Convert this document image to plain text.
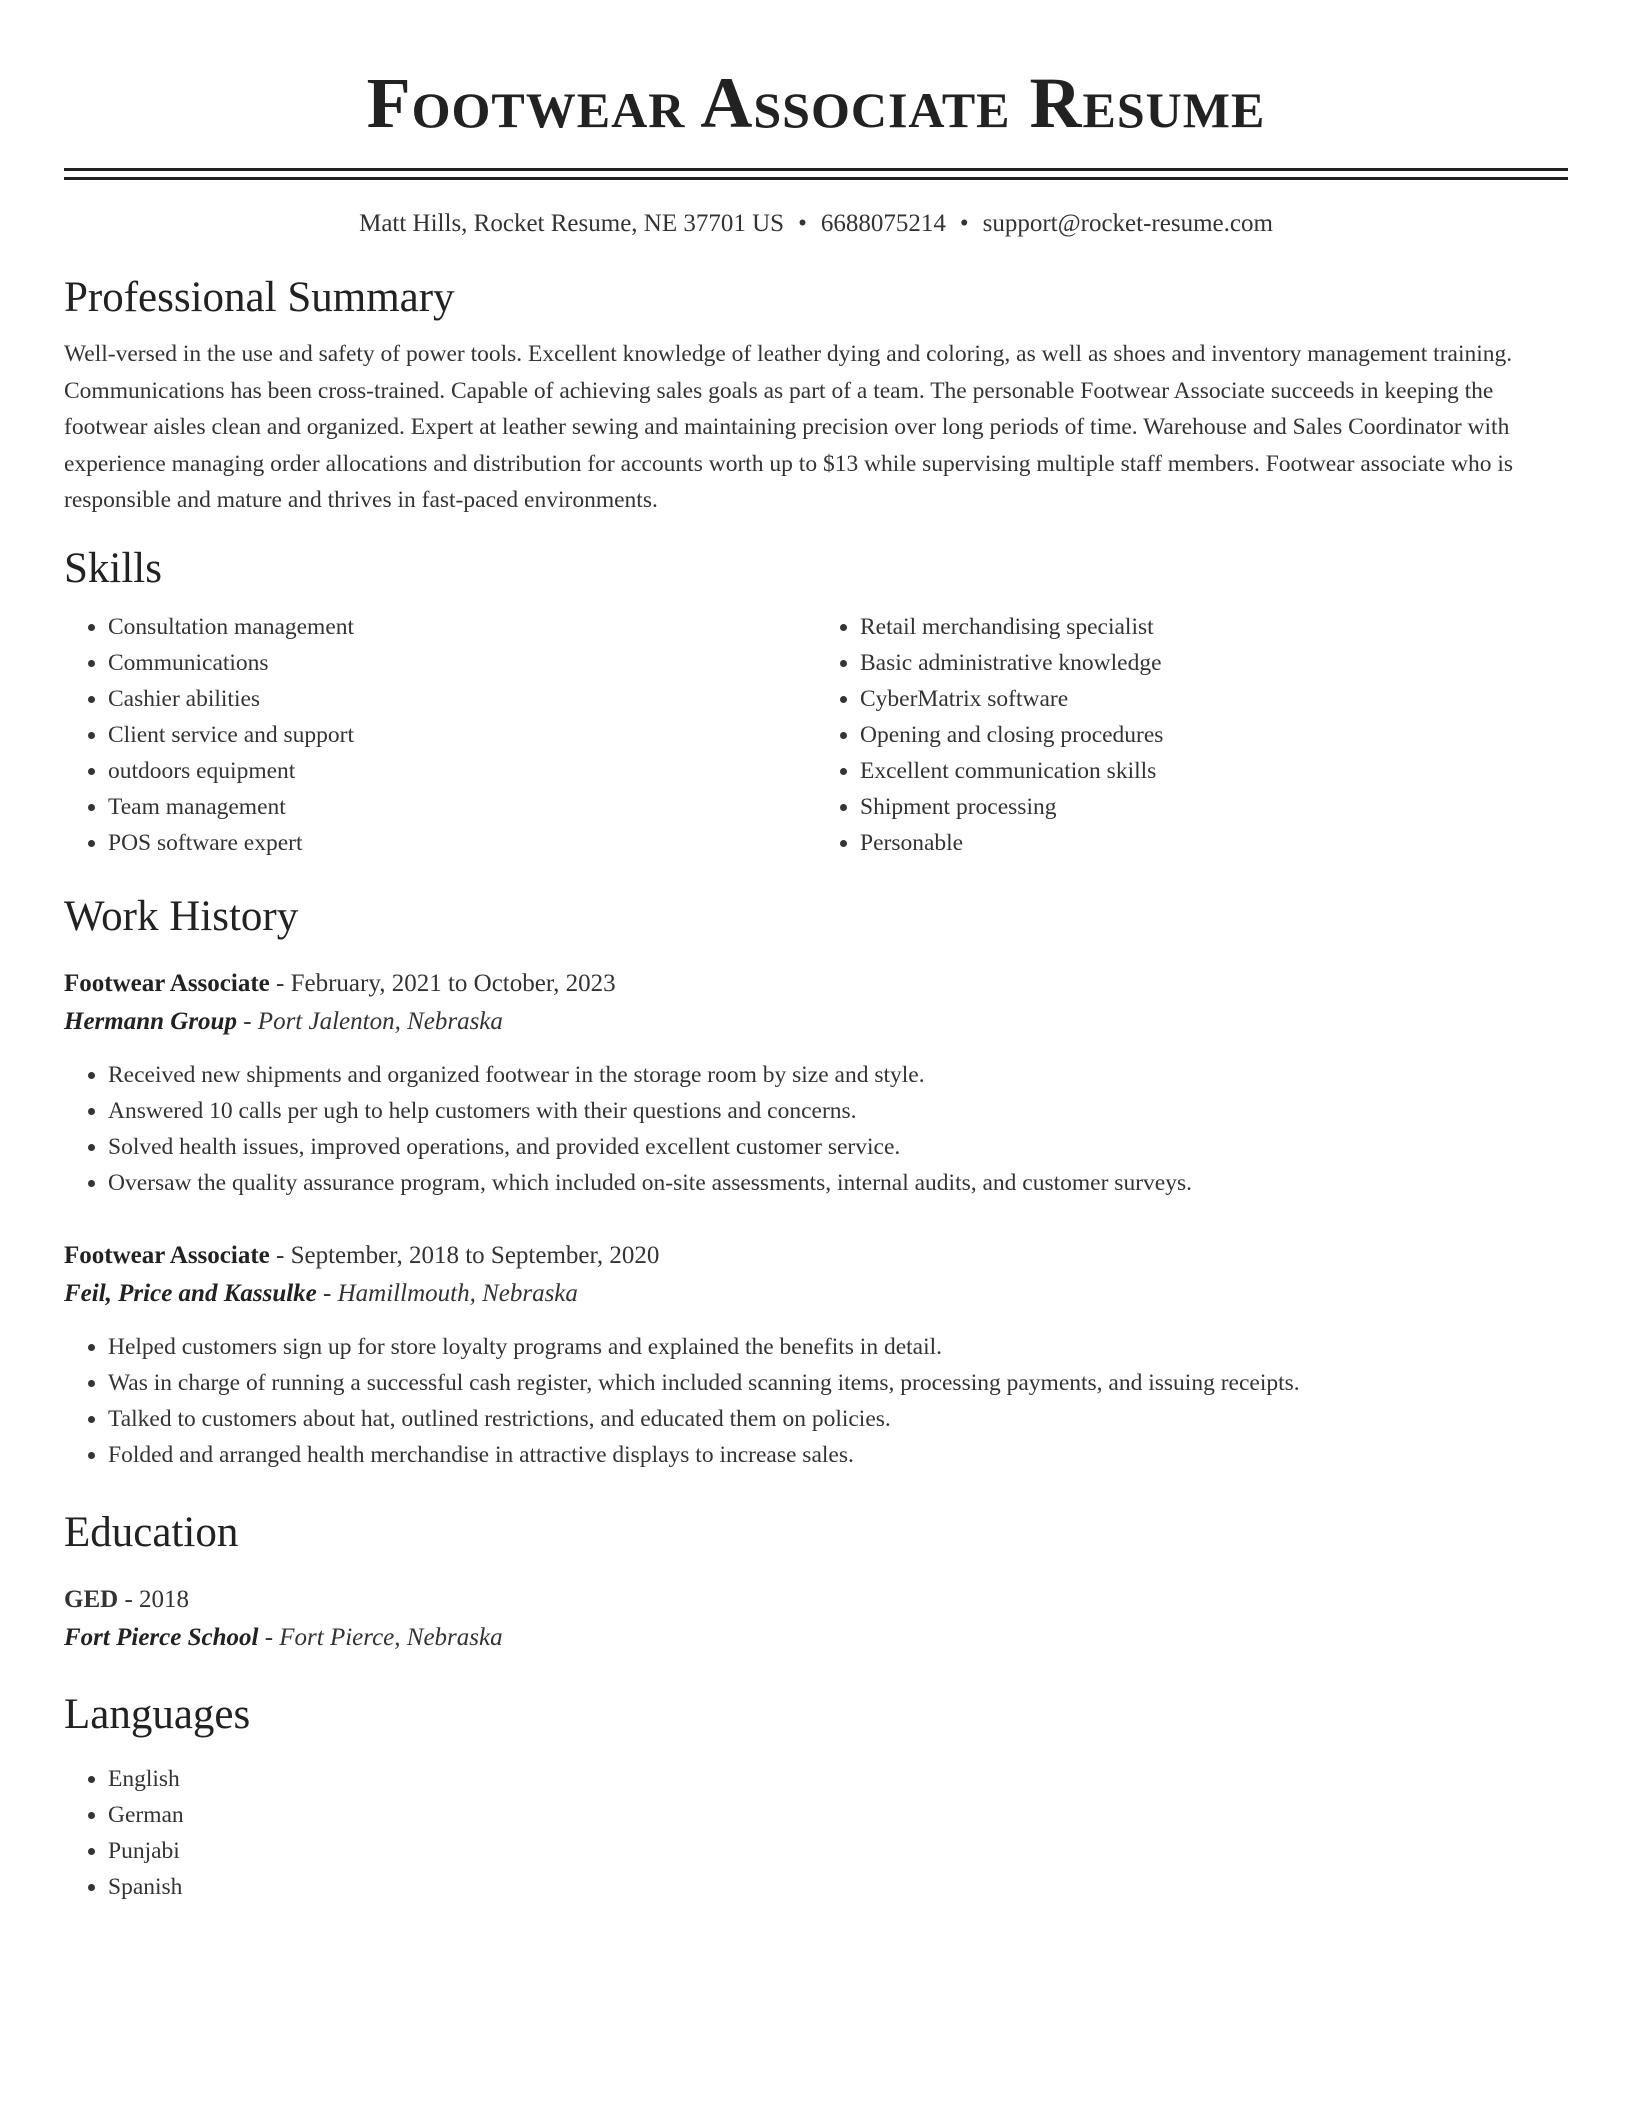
Footwear Associate Resume
Matt Hills, Rocket Resume, NE 37701 US • 6688075214 • support@rocket-resume.com
Professional Summary
Well-versed in the use and safety of power tools. Excellent knowledge of leather dying and coloring, as well as shoes and inventory management training. Communications has been cross-trained. Capable of achieving sales goals as part of a team. The personable Footwear Associate succeeds in keeping the footwear aisles clean and organized. Expert at leather sewing and maintaining precision over long periods of time. Warehouse and Sales Coordinator with experience managing order allocations and distribution for accounts worth up to $13 while supervising multiple staff members. Footwear associate who is responsible and mature and thrives in fast-paced environments.
Skills
• Consultation management
• Communications
• Cashier abilities
• Client service and support
• outdoors equipment
• Team management
• POS software expert
• Retail merchandising specialist
• Basic administrative knowledge
• CyberMatrix software
• Opening and closing procedures
• Excellent communication skills
• Shipment processing
• Personable
Work History
Footwear Associate - February, 2021 to October, 2023
Hermann Group - Port Jalenton, Nebraska
• Received new shipments and organized footwear in the storage room by size and style.
• Answered 10 calls per ugh to help customers with their questions and concerns.
• Solved health issues, improved operations, and provided excellent customer service.
• Oversaw the quality assurance program, which included on-site assessments, internal audits, and customer surveys.
Footwear Associate - September, 2018 to September, 2020
Feil, Price and Kassulke - Hamillmouth, Nebraska
• Helped customers sign up for store loyalty programs and explained the benefits in detail.
• Was in charge of running a successful cash register, which included scanning items, processing payments, and issuing receipts.
• Talked to customers about hat, outlined restrictions, and educated them on policies.
• Folded and arranged health merchandise in attractive displays to increase sales.
Education
GED - 2018
Fort Pierce School - Fort Pierce, Nebraska
Languages
• English
• German
• Punjabi
• Spanish
